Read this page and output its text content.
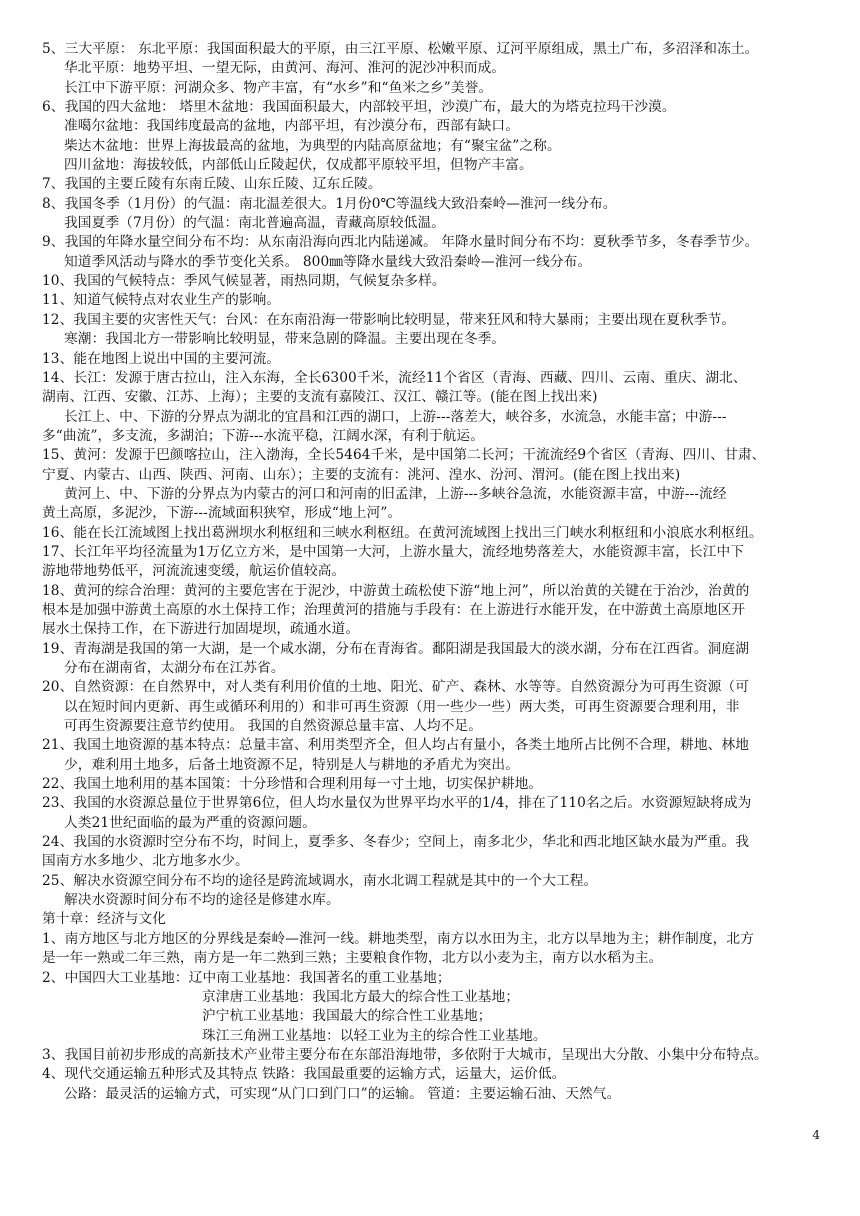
5、三大平原： 东北平原：我国面积最大的平原，由三江平原、松嫩平原、辽河平原组成，黑土广布，多沼泽和冻土。
华北平原：地势平坦、一望无际，由黄河、海河、淮河的泥沙冲积而成。
长江中下游平原：河湖众多、物产丰富，有“水乡”和“鱼米之乡”美誉。
6、我国的四大盆地： 塔里木盆地：我国面积最大，内部较平坦，沙漠广布，最大的为塔克拉玛干沙漠。
准噶尔盆地：我国纬度最高的盆地，内部平坦，有沙漠分布，西部有缺口。
柴达木盆地：世界上海拔最高的盆地，为典型的内陆高原盆地；有“聚宝盆”之称。
四川盆地：海拔较低，内部低山丘陵起伏，仅成都平原较平坦，但物产丰富。
7、我国的主要丘陵有东南丘陵、山东丘陵、辽东丘陵。
8、我国冬季（1月份）的气温：南北温差很大。1月份0℃等温线大致沿秦岭—淮河一线分布。
我国夏季（7月份）的气温：南北普遍高温，青藏高原较低温。
9、我国的年降水量空间分布不均：从东南沿海向西北内陆递减。 年降水量时间分布不均：夏秋季节多，冬春季节少。
知道季风活动与降水的季节变化关系。 800㎜等降水量线大致沿秦岭—淮河一线分布。
10、我国的气候特点：季风气候显著，雨热同期，气候复杂多样。
11、知道气候特点对农业生产的影响。
12、我国主要的灾害性天气：台风：在东南沿海一带影响比较明显，带来狂风和特大暴雨；主要出现在夏秋季节。
寒潮：我国北方一带影响比较明显，带来急剧的降温。主要出现在冬季。
13、能在地图上说出中国的主要河流。
14、长江：发源于唐古拉山，注入东海，全长6300千米，流经11个省区（青海、西藏、四川、云南、重庆、湖北、
湖南、江西、安徽、江苏、上海）；主要的支流有嘉陵江、汉江、赣江等。(能在图上找出来)
长江上、中、下游的分界点为湖北的宜昌和江西的湖口，上游---落差大，峡谷多，水流急，水能丰富；中游---
多“曲流”，多支流，多湖泊；下游---水流平稳，江阔水深，有利于航运。
15、黄河：发源于巴颜喀拉山，注入渤海，全长5464千米，是中国第二长河；干流流经9个省区（青海、四川、甘肃、
宁夏、内蒙古、山西、陕西、河南、山东）；主要的支流有：洮河、湟水、汾河、渭河。(能在图上找出来)
黄河上、中、下游的分界点为内蒙古的河口和河南的旧孟津，上游---多峡谷急流，水能资源丰富，中游---流经
黄土高原，多泥沙，下游---流域面积狭窄，形成“地上河”。
16、能在长江流域图上找出葛洲坝水利枢纽和三峡水利枢纽。在黄河流域图上找出三门峡水利枢纽和小浪底水利枢纽。
17、长江年平均径流量为1万亿立方米，是中国第一大河，上游水量大，流经地势落差大，水能资源丰富，长江中下
游地带地势低平，河流流速变缓，航运价值较高。
18、黄河的综合治理：黄河的主要危害在于泥沙，中游黄土疏松使下游“地上河”，所以治黄的关键在于治沙，治黄的
根本是加强中游黄土高原的水土保持工作；治理黄河的措施与手段有：在上游进行水能开发，在中游黄土高原地区开
展水土保持工作，在下游进行加固堤坝，疏通水道。
19、青海湖是我国的第一大湖，是一个咸水湖，分布在青海省。鄱阳湖是我国最大的淡水湖，分布在江西省。洞庭湖
分布在湖南省，太湖分布在江苏省。
20、自然资源：在自然界中，对人类有利用价值的土地、阳光、矿产、森林、水等等。自然资源分为可再生资源（可
以在短时间内更新、再生或循环利用的）和非可再生资源（用一些少一些）两大类，可再生资源要合理利用，非
可再生资源要注意节约使用。 我国的自然资源总量丰富、人均不足。
21、我国土地资源的基本特点：总量丰富、利用类型齐全，但人均占有量小，各类土地所占比例不合理，耕地、林地
少，难利用土地多，后备土地资源不足，特别是人与耕地的矛盾尤为突出。
22、我国土地利用的基本国策：十分珍惜和合理利用每一寸土地，切实保护耕地。
23、我国的水资源总量位于世界第6位，但人均水量仅为世界平均水平的1/4，排在了110名之后。水资源短缺将成为
人类21世纪面临的最为严重的资源问题。
24、我国的水资源时空分布不均，时间上，夏季多、冬春少；空间上，南多北少，华北和西北地区缺水最为严重。我
国南方水多地少、北方地多水少。
25、解决水资源空间分布不均的途径是跨流域调水，南水北调工程就是其中的一个大工程。
解决水资源时间分布不均的途径是修建水库。
第十章：经济与文化
1、南方地区与北方地区的分界线是秦岭—淮河一线。耕地类型，南方以水田为主，北方以旱地为主；耕作制度，北方
是一年一熟或二年三熟，南方是一年二熟到三熟；主要粮食作物，北方以小麦为主，南方以水稻为主。
2、中国四大工业基地：辽中南工业基地：我国著名的重工业基地；
京津唐工业基地：我国北方最大的综合性工业基地；
沪宁杭工业基地：我国最大的综合性工业基地；
珠江三角洲工业基地：以轻工业为主的综合性工业基地。
3、我国目前初步形成的高新技术产业带主要分布在东部沿海地带，多依附于大城市，呈现出大分散、小集中分布特点。
4、现代交通运输五种形式及其特点 铁路：我国最重要的运输方式，运量大，运价低。
公路：最灵活的运输方式，可实现“从门口到门口”的运输。 管道：主要运输石油、天然气。
4
